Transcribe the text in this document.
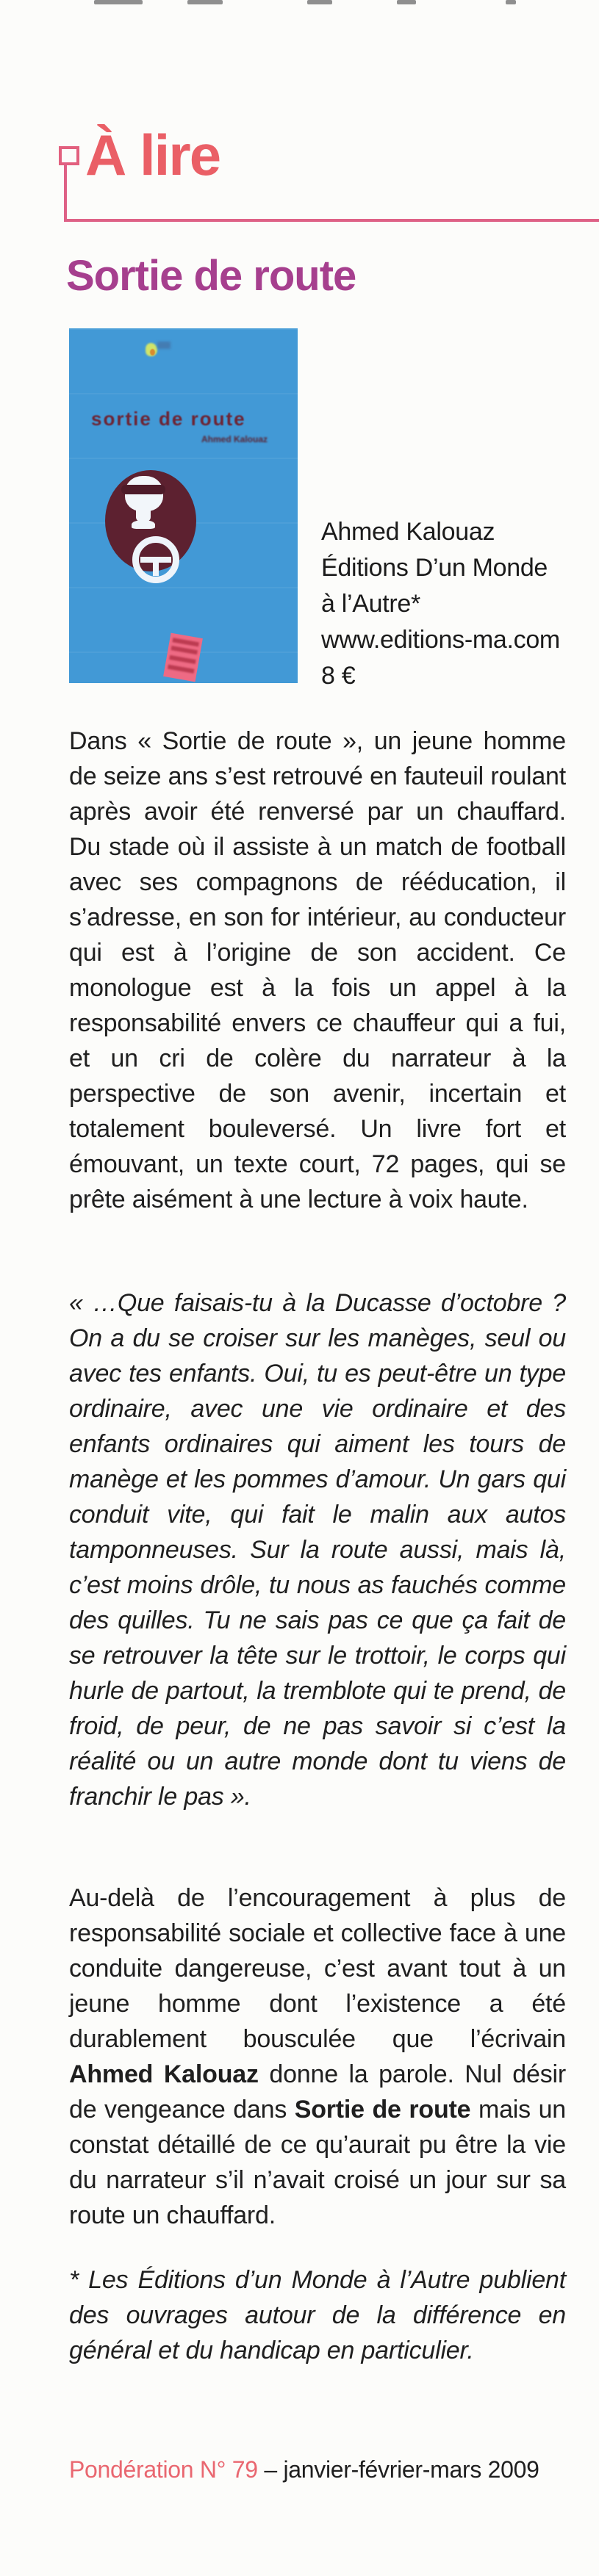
À lire
Sortie de route
sortie de route
Ahmed Kalouaz
Ahmed Kalouaz
Éditions D’un Monde
à l’Autre*
www.editions-ma.com
8 €

Dans « Sortie de route », un jeune homme de seize ans s’est retrouvé en fauteuil roulant après avoir été renversé par un chauffard. Du stade où il assiste à un match de football avec ses compagnons de rééducation, il s’adresse, en son for intérieur, au conducteur qui est à l’origine de son accident. Ce monologue est à la fois un appel à la responsabilité envers ce chauffeur qui a fui, et un cri de colère du narrateur à la perspective de son avenir, incertain et totalement bouleversé. Un livre fort et émouvant, un texte court, 72 pages, qui se prête aisément à une lecture à voix haute.

« …Que faisais-tu à la Ducasse d’octobre ? On a du se croiser sur les manèges, seul ou avec tes enfants. Oui, tu es peut-être un type ordinaire, avec une vie ordinaire et des enfants ordinaires qui aiment les tours de manège et les pommes d’amour. Un gars qui conduit vite, qui fait le malin aux autos tamponneuses. Sur la route aussi, mais là, c’est moins drôle, tu nous as fauchés comme des quilles. Tu ne sais pas ce que ça fait de se retrouver la tête sur le trottoir, le corps qui hurle de partout, la tremblote qui te prend, de froid, de peur, de ne pas savoir si c’est la réalité ou un autre monde dont tu viens de franchir le pas ».

Au-delà de l’encouragement à plus de responsabilité sociale et collective face à une conduite dangereuse, c’est avant tout à un jeune homme dont l’existence a été durablement bousculée que l’écrivain Ahmed Kalouaz donne la parole. Nul désir de vengeance dans Sortie de route mais un constat détaillé de ce qu’aurait pu être la vie du narrateur s’il n’avait croisé un jour sur sa route un chauffard.

* Les Éditions d’un Monde à l’Autre publient des ouvrages autour de la différence en général et du handicap en particulier.

Pondération N° 79 – janvier-février-mars 2009
